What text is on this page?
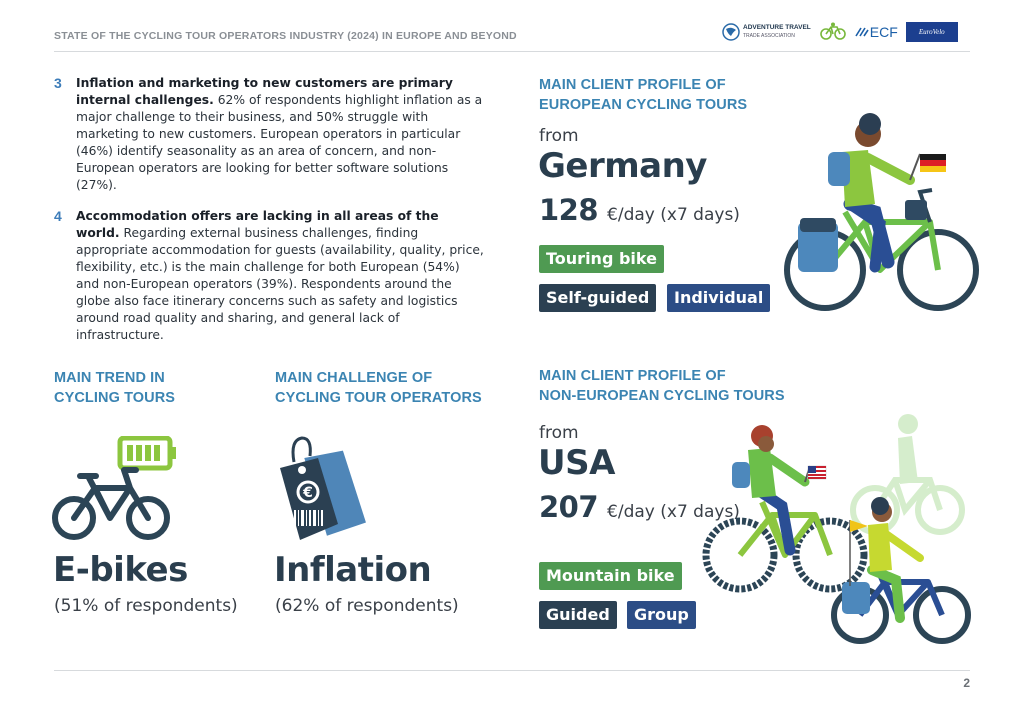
STATE OF THE CYCLING TOUR OPERATORS INDUSTRY (2024) IN EUROPE AND BEYOND
ADVENTURE TRAVEL
TRADE ASSOCIATION	ECF	EuroVelo
3 Inflation and marketing to new customers are primary internal challenges. 62% of respondents highlight inflation as a major challenge to their business, and 50% struggle with marketing to new customers. European operators in particular (46%) identify seasonality as an area of concern, and non-European operators are looking for better software solutions (27%).
4 Accommodation offers are lacking in all areas of the world. Regarding external business challenges, finding appropriate accommodation for guests (availability, quality, price, flexibility, etc.) is the main challenge for both European (54%) and non-European operators (39%). Respondents around the globe also face itinerary concerns such as safety and logistics around road quality and sharing, and general lack of infrastructure.
MAIN CLIENT PROFILE OF
EUROPEAN CYCLING TOURS
from
Germany
128 €/day (x7 days)
Touring bike
Self-guided	Individual
MAIN TREND IN
CYCLING TOURS
E-bikes
(51% of respondents)
MAIN CHALLENGE OF
CYCLING TOUR OPERATORS
€
Inflation
(62% of respondents)
MAIN CLIENT PROFILE OF
NON-EUROPEAN CYCLING TOURS
from
USA
207 €/day (x7 days)
Mountain bike
Guided	Group
2
